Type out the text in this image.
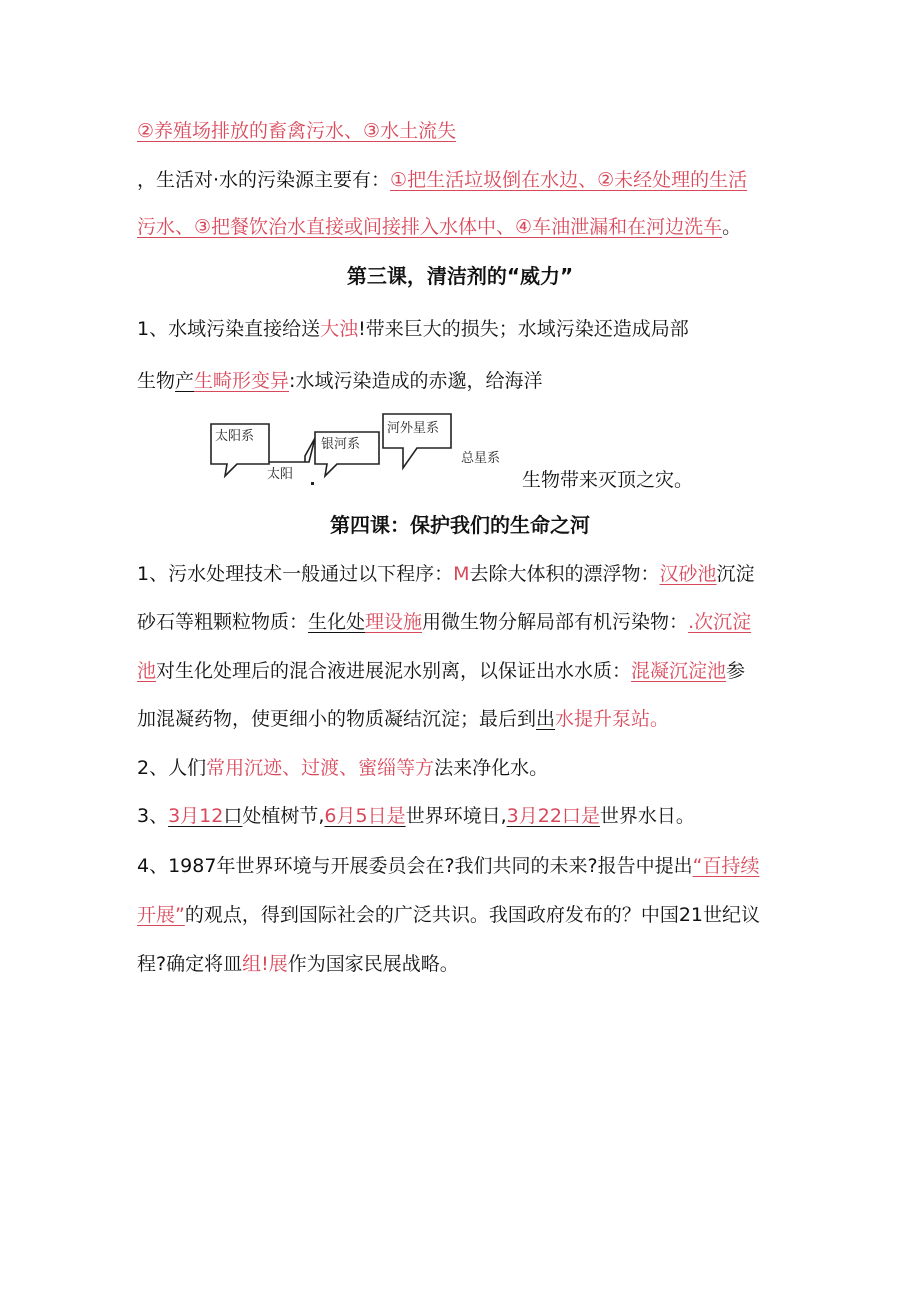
②养殖场排放的畜禽污水、③水土流失
，生活对·水的污染源主要有：①把生活垃圾倒在水边、②未经处理的生活
污水、③把餐饮治水直接或间接排入水体中、④车油泄漏和在河边洗车。
第三课，清洁剂的“威力”
1、水域污染直接给送大浊!带来巨大的损失；水域污染还造成局部
生物产生畸形变异:水域污染造成的赤邈，给海洋
太阳系
太阳
银河系
河外星系
总星系
生物带来灭顶之灾。
第四课：保护我们的生命之河
1、污水处理技术一般通过以下程序：M去除大体积的漂浮物：汉砂池沉淀
砂石等粗颗粒物质：生化处理设施用微生物分解局部有机污染物：.次沉淀
池对生化处理后的混合液进展泥水别离，以保证出水水质：混凝沉淀池参
加混凝药物，使更细小的物质凝结沉淀；最后到出水提升泵站。
2、人们常用沉迹、过渡、蜜缁等方法来净化水。
3、3月12口处植树节,6月5日是世界环境日,3月22口是世界水日。
4、1987年世界环境与开展委员会在?我们共同的未来?报告中提出“百持续
开展”的观点，得到国际社会的广泛共识。我国政府发布的？中国21世纪议
程?确定将皿组!展作为国家民展战略。
